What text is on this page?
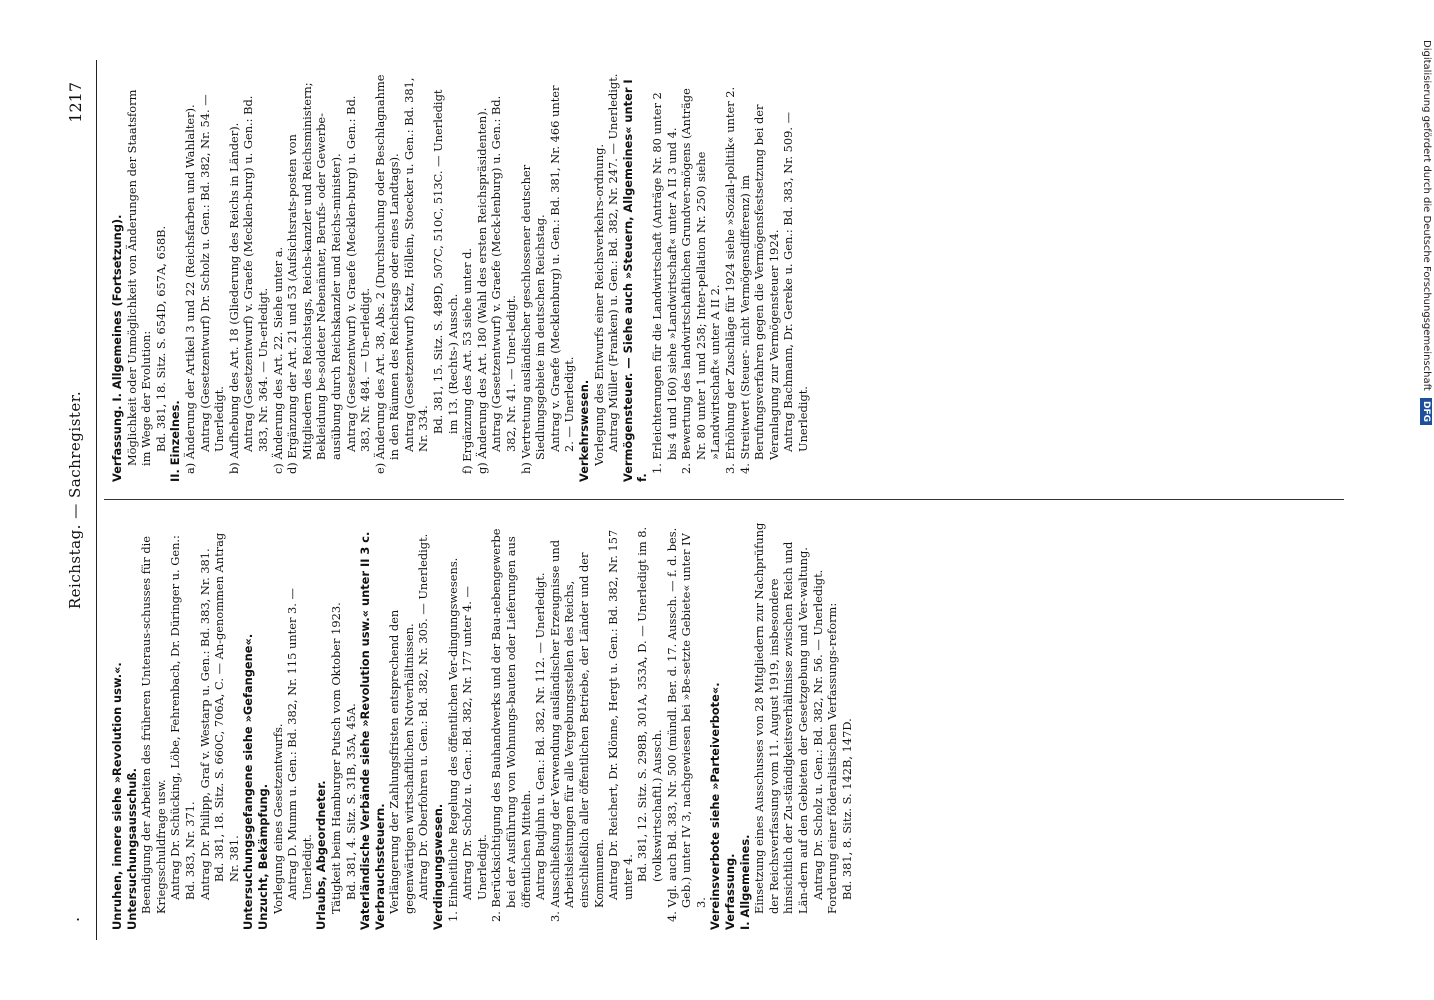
.
Reichstag. — Sachregister.
1217

Unruhen, innere siehe »Revolution usw.«. Untersuchungsausschuß. Beendigung der Arbeiten des früheren Unteraus-schusses für die Kriegsschuldfrage usw. Antrag Dr. Schücking, Löbe, Fehrenbach, Dr. Düringer u. Gen.: Bd. 383, Nr. 371. Antrag Dr. Philipp, Graf v. Westarp u. Gen.: Bd. 383, Nr. 381. Bd. 381, 18. Sitz. S. 660C, 706A, C. — An-genommen Antrag Nr. 381. Untersuchungsgefangene siehe »Gefangene«. Unzucht, Bekämpfung. Vorlegung eines Gesetzentwurfs. Antrag D. Mumm u. Gen.: Bd. 382, Nr. 115 unter 3. — Unerledigt. Urlaubs, Abgeordneter. Tätigkeit beim Hamburger Putsch vom Oktober 1923. Bd. 381, 4. Sitz. S. 31B, 35A, 45A. Vaterländische Verbände siehe »Revolution usw.« unter II 3 c. Verbrauchssteuern. Verlängerung der Zahlungsfristen entsprechend den gegenwärtigen wirtschaftlichen Notverhältnissen. Antrag Dr. Oberfohren u. Gen.: Bd. 382, Nr. 305. — Unerledigt. Verdingungswesen. 1. Einheitliche Regelung des öffentlichen Ver-dingungswesens. Antrag Dr. Scholz u. Gen.: Bd. 382, Nr. 177 unter 4. — Unerledigt. 2. Berücksichtigung des Bauhandwerks und der Bau-nebengewerbe bei der Ausführung von Wohnungs-bauten oder Lieferungen aus öffentlichen Mitteln. Antrag Budjuhn u. Gen.: Bd. 382, Nr. 112. — Unerledigt. 3. Ausschließung der Verwendung ausländischer Erzeugnisse und Arbeitsleistungen für alle Vergebungsstellen des Reichs, einschließlich aller öffentlichen Betriebe, der Länder und der Kommunen. Antrag Dr. Reichert, Dr. Klönne, Hergt u. Gen.: Bd. 382, Nr. 157 unter 4. Bd. 381, 12. Sitz. S. 298B, 301A, 353A, D. — Unerledigt im 8. (volkswirtschaftl.) Aussch. 4. Vgl. auch Bd. 383, Nr. 500 (mündl. Ber. d. 17. Aussch. — f. d. bes. Geb.) unter IV 3, nachgewiesen bei »Be-setzte Gebiete« unter IV 3. Vereinsverbote siehe »Parteiverbote«. Verfassung. I. Allgemeines. Einsetzung eines Ausschusses von 28 Mitgliedern zur Nachprüfung der Reichsverfassung vom 11. August 1919, insbesondere hinsichtlich der Zu-ständigkeitsverhältnisse zwischen Reich und Län-dern auf den Gebieten der Gesetzgebung und Ver-waltung. Antrag Dr. Scholz u. Gen.: Bd. 382, Nr. 56. — Unerledigt. Forderung einer föderalistischen Verfassungs-reform: Bd. 381, 8. Sitz. S. 142B, 147D.

Verfassung. I. Allgemeines (Fortsetzung). Möglichkeit oder Unmöglichkeit von Änderungen der Staatsform im Wege der Evolution: Bd. 381, 18. Sitz. S. 654D, 657A, 658B. II. Einzelnes. a) Änderung der Artikel 3 und 22 (Reichsfarben und Wahlalter). Antrag (Gesetzentwurf) Dr. Scholz u. Gen.: Bd. 382, Nr. 54. — Unerledigt. b) Aufhebung des Art. 18 (Gliederung des Reichs in Länder). Antrag (Gesetzentwurf) v. Graefe (Mecklen-burg) u. Gen.: Bd. 383, Nr. 364. — Un-erledigt. c) Änderung des Art. 22. Siehe unter a. d) Ergänzung der Art. 21 und 53 (Aufsichtsrats-posten von Mitgliedern des Reichstags, Reichs-kanzler und Reichsministern; Bekleidung be-soldeter Nebenämter, Berufs- oder Gewerbe-ausübung durch Reichskanzler und Reichs-minister). Antrag (Gesetzentwurf) v. Graefe (Mecklen-burg) u. Gen.: Bd. 383, Nr. 484. — Un-erledigt. e) Änderung des Art. 38, Abs. 2 (Durchsuchung oder Beschlagnahme in den Räumen des Reichstags oder eines Landtags). Antrag (Gesetzentwurf) Katz, Höllein, Stoecker u. Gen.: Bd. 381, Nr. 334. Bd. 381, 15. Sitz. S. 489D, 507C, 510C, 513C. — Unerledigt im 13. (Rechts-) Aussch. f) Ergänzung des Art. 53 siehe unter d. g) Änderung des Art. 180 (Wahl des ersten Reichspräsidenten). Antrag (Gesetzentwurf) v. Graefe (Meck-lenburg) u. Gen.: Bd. 382, Nr. 41. — Uner-ledigt. h) Vertretung ausländischer geschlossener deutscher Siedlungsgebiete im deutschen Reichstag. Antrag v. Graefe (Mecklenburg) u. Gen.: Bd. 381, Nr. 466 unter 2. — Unerledigt. Verkehrswesen. Vorlegung des Entwurfs einer Reichsverkehrs-ordnung. Antrag Müller (Franken) u. Gen.: Bd. 382, Nr. 247. — Unerledigt. Vermögensteuer. — Siehe auch »Steuern, Allgemeines« unter I f.

1. Erleichterungen für die Landwirtschaft (Anträge Nr. 80 unter 2 bis 4 und 160) siehe »Landwirtschaft« unter A II 3 und 4. 2. Bewertung des landwirtschaftlichen Grundver-mögens (Anträge Nr. 80 unter 1 und 258; Inter-pellation Nr. 250) siehe »Landwirtschaft« unter A II 2. 3. Erhöhung der Zuschläge für 1924 siehe »Sozial-politik« unter 2. 4. Streitwert (Steuer- nicht Vermögensdifferenz) im Berufungsverfahren gegen die Vermögensfestsetzung bei der Veranlagung zur Vermögensteuer 1924. Antrag Bachmann, Dr. Gereke u. Gen.: Bd. 383, Nr. 509. — Unerledigt.

Digitalisierung gefördert durch die Deutsche Forschungsgemeinschaft DFG
